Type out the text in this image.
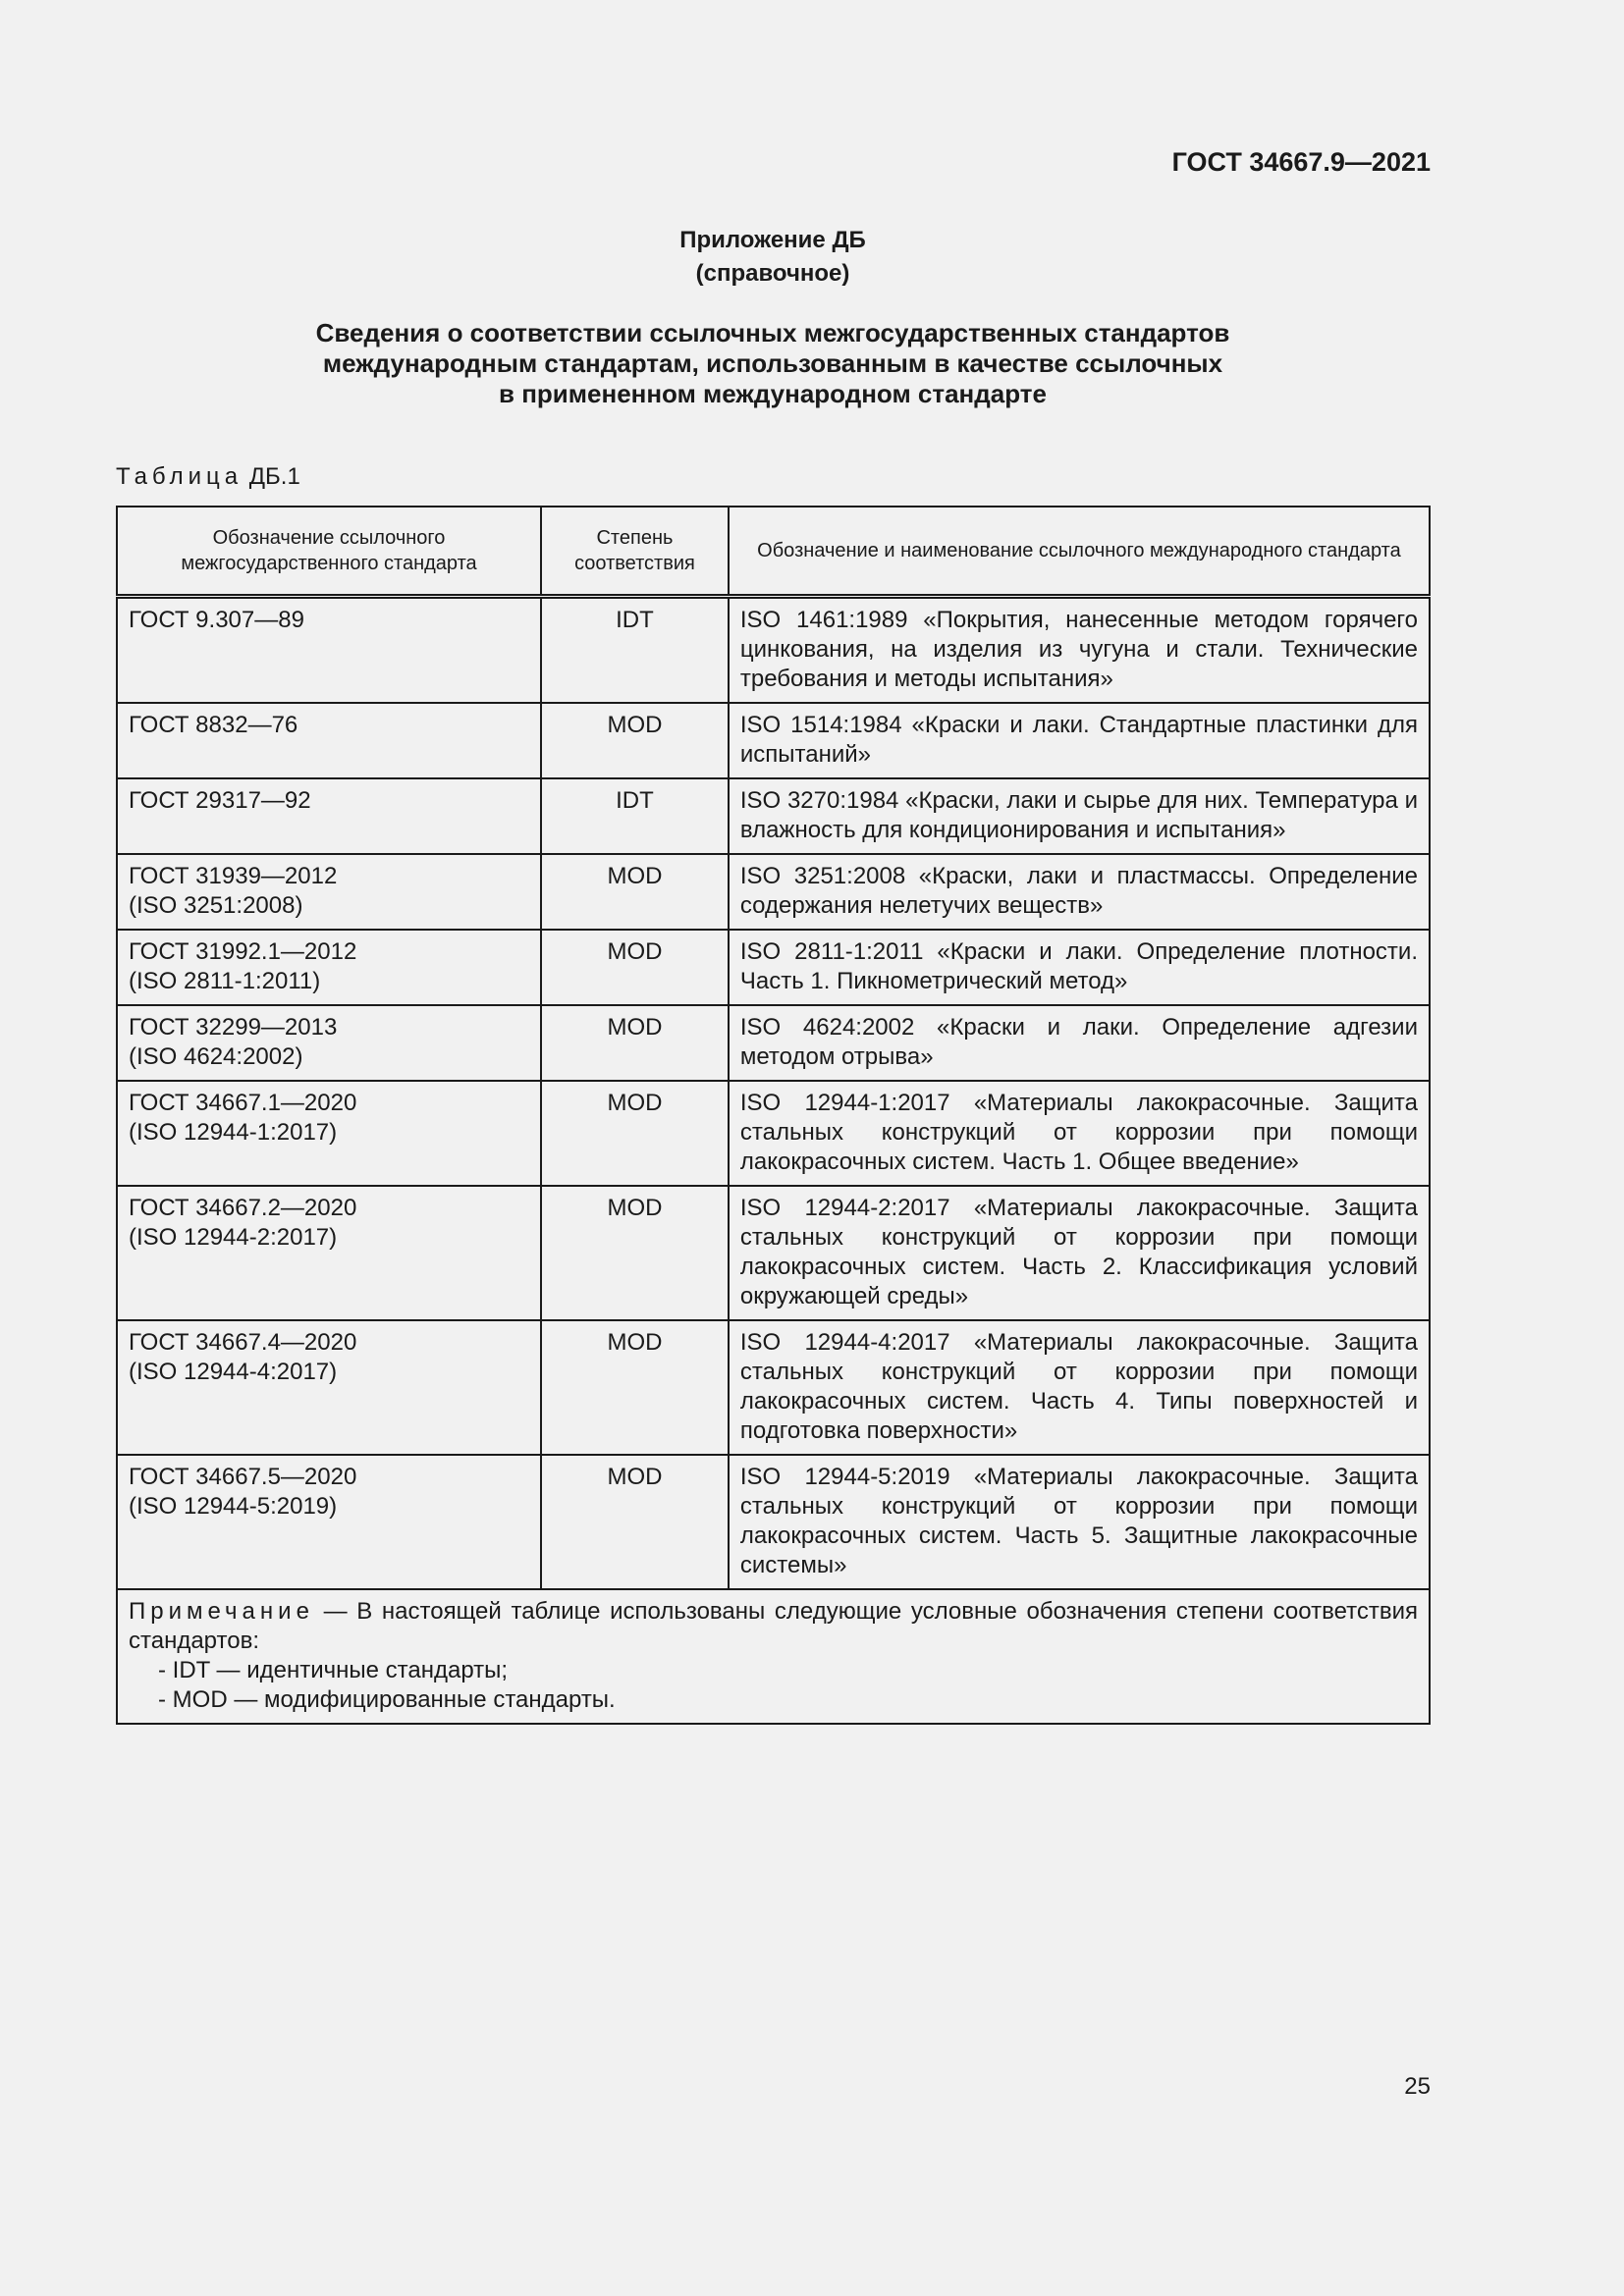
ГОСТ 34667.9—2021
Приложение ДБ
(справочное)
Сведения о соответствии ссылочных межгосударственных стандартов
международным стандартам, использованным в качестве ссылочных
в примененном международном стандарте
Таблица ДБ.1
Обозначение ссылочного межгосударственного стандарта	Степень соответствия	Обозначение и наименование ссылочного международного стандарта

ГОСТ 9.307—89	IDT	ISO 1461:1989 «Покрытия, нанесенные методом горячего цинкования, на изделия из чугуна и стали. Технические требования и методы испытания»

ГОСТ 8832—76	MOD	ISO 1514:1984 «Краски и лаки. Стандартные пластинки для испытаний»

ГОСТ 29317—92	IDT	ISO 3270:1984 «Краски, лаки и сырье для них. Температура и влажность для кондиционирования и испытания»

ГОСТ 31939—2012
(ISO 3251:2008)	MOD	ISO 3251:2008 «Краски, лаки и пластмассы. Определение содержания нелетучих веществ»

ГОСТ 31992.1—2012
(ISO 2811-1:2011)	MOD	ISO 2811-1:2011 «Краски и лаки. Определение плотности. Часть 1. Пикнометрический метод»

ГОСТ 32299—2013
(ISO 4624:2002)	MOD	ISO 4624:2002 «Краски и лаки. Определение адгезии методом отрыва»

ГОСТ 34667.1—2020
(ISO 12944-1:2017)	MOD	ISO 12944-1:2017 «Материалы лакокрасочные. Защита стальных конструкций от коррозии при помощи лакокрасочных систем. Часть 1. Общее введение»

ГОСТ 34667.2—2020
(ISO 12944-2:2017)	MOD	ISO 12944-2:2017 «Материалы лакокрасочные. Защита стальных конструкций от коррозии при помощи лакокрасочных систем. Часть 2. Классификация условий окружающей среды»

ГОСТ 34667.4—2020
(ISO 12944-4:2017)	MOD	ISO 12944-4:2017 «Материалы лакокрасочные. Защита стальных конструкций от коррозии при помощи лакокрасочных систем. Часть 4. Типы поверхностей и подготовка поверхности»

ГОСТ 34667.5—2020
(ISO 12944-5:2019)	MOD	ISO 12944-5:2019 «Материалы лакокрасочные. Защита стальных конструкций от коррозии при помощи лакокрасочных систем. Часть 5. Защитные лакокрасочные системы»
Примечание — В настоящей таблице использованы следующие условные обозначения степени соответствия стандартов:
- IDT — идентичные стандарты;
- MOD — модифицированные стандарты.		
25
